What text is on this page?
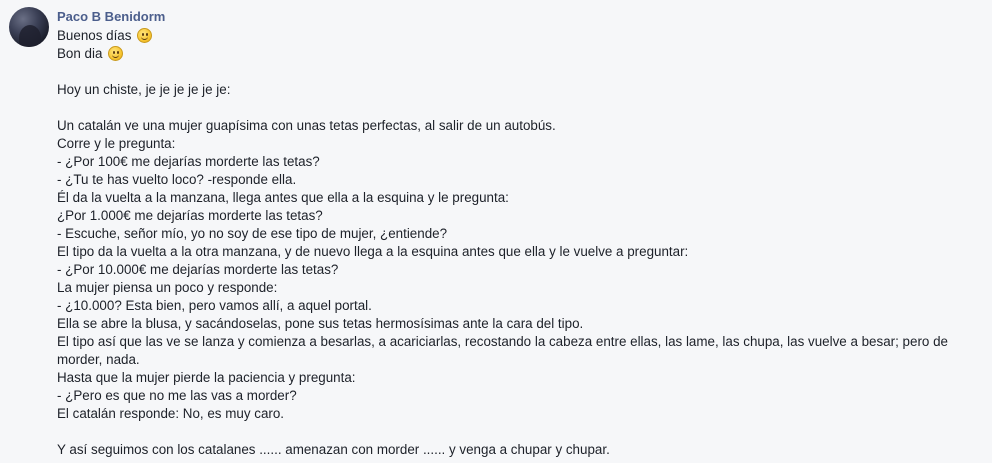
Paco B Benidorm
Buenos días
Bon dia
Hoy un chiste, je je je je je je:
Un catalán ve una mujer guapísima con unas tetas perfectas, al salir de un autobús.
Corre y le pregunta:
- ¿Por 100€ me dejarías morderte las tetas?
- ¿Tu te has vuelto loco? -responde ella.
Él da la vuelta a la manzana, llega antes que ella a la esquina y le pregunta:
¿Por 1.000€ me dejarías morderte las tetas?
- Escuche, señor mío, yo no soy de ese tipo de mujer, ¿entiende?
El tipo da la vuelta a la otra manzana, y de nuevo llega a la esquina antes que ella y le vuelve a preguntar:
- ¿Por 10.000€ me dejarías morderte las tetas?
La mujer piensa un poco y responde:
- ¿10.000? Esta bien, pero vamos allí, a aquel portal.
Ella se abre la blusa, y sacándoselas, pone sus tetas hermosísimas ante la cara del tipo.
El tipo así que las ve se lanza y comienza a besarlas, a acariciarlas, recostando la cabeza entre ellas, las lame, las chupa, las vuelve a besar; pero de morder, nada.
Hasta que la mujer pierde la paciencia y pregunta:
- ¿Pero es que no me las vas a morder?
El catalán responde: No, es muy caro.
Y así seguimos con los catalanes ...... amenazan con morder ...... y venga a chupar y chupar.
